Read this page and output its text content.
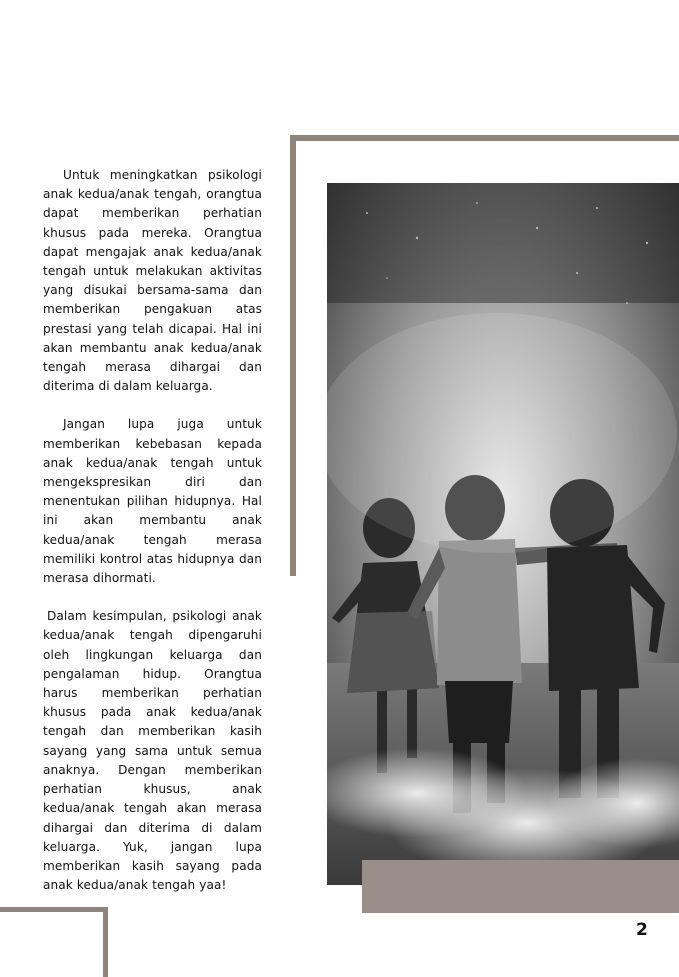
Untuk meningkatkan psikologi anak kedua/anak tengah, orangtua dapat memberikan perhatian khusus pada mereka. Orangtua dapat mengajak anak kedua/anak tengah untuk melakukan aktivitas yang disukai bersama-sama dan memberikan pengakuan atas prestasi yang telah dicapai. Hal ini akan membantu anak kedua/anak tengah merasa dihargai dan diterima di dalam keluarga.

Jangan lupa juga untuk memberikan kebebasan kepada anak kedua/anak tengah untuk mengekspresikan diri dan menentukan pilihan hidupnya. Hal ini akan membantu anak kedua/anak tengah merasa memiliki kontrol atas hidupnya dan merasa dihormati.

Dalam kesimpulan, psikologi anak kedua/anak tengah dipengaruhi oleh lingkungan keluarga dan pengalaman hidup. Orangtua harus memberikan perhatian khusus pada anak kedua/anak tengah dan memberikan kasih sayang yang sama untuk semua anaknya. Dengan memberikan perhatian khusus, anak kedua/anak tengah akan merasa dihargai dan diterima di dalam keluarga. Yuk, jangan lupa memberikan kasih sayang pada anak kedua/anak tengah yaa!

2
